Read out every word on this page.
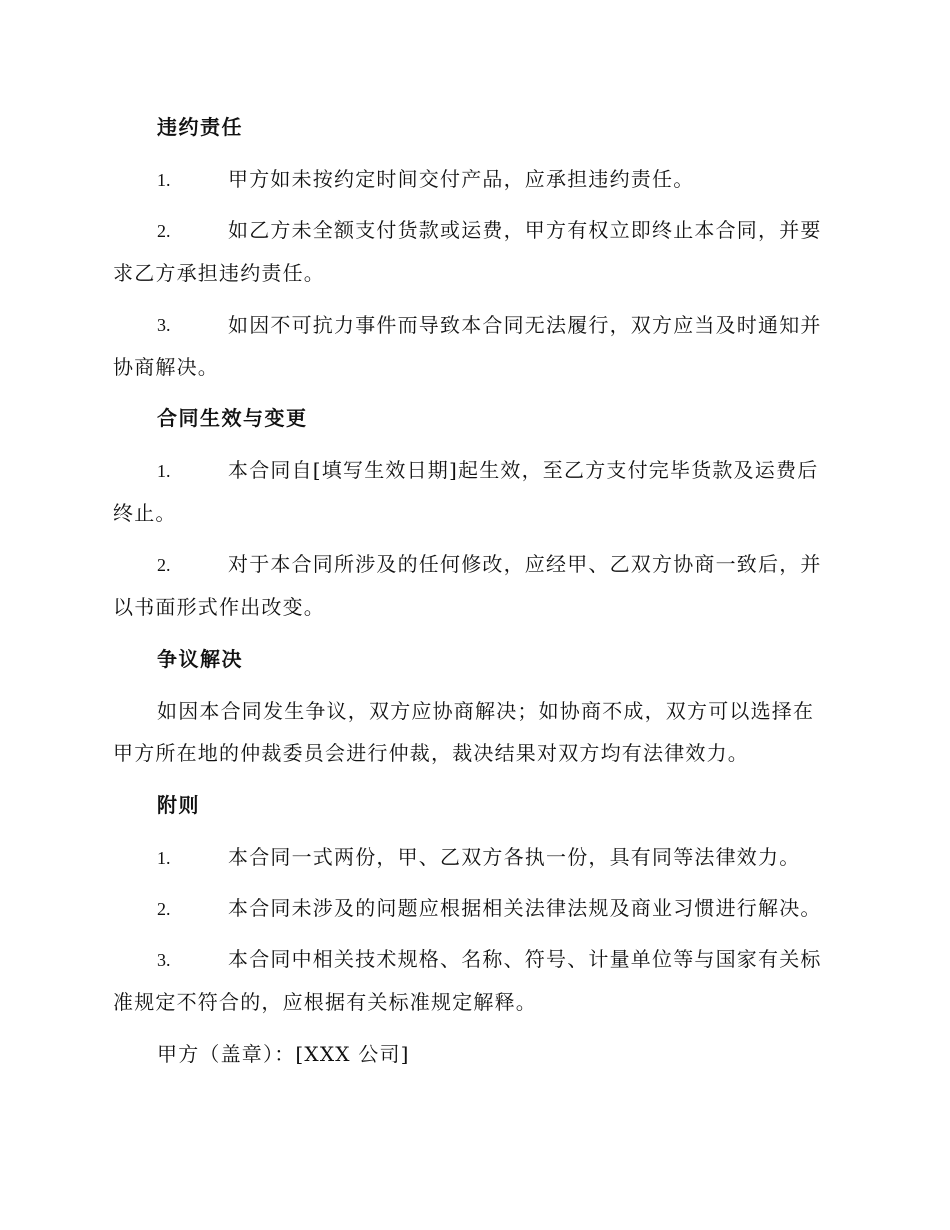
违约责任
1.	甲方如未按约定时间交付产品，应承担违约责任。
2.	如乙方未全额支付货款或运费，甲方有权立即终止本合同，并要
求乙方承担违约责任。
3.	如因不可抗力事件而导致本合同无法履行，双方应当及时通知并
协商解决。
合同生效与变更
1.	本合同自[填写生效日期]起生效，至乙方支付完毕货款及运费后
终止。
2.	对于本合同所涉及的任何修改，应经甲、乙双方协商一致后，并
以书面形式作出改变。
争议解决
如因本合同发生争议，双方应协商解决；如协商不成，双方可以选择在
甲方所在地的仲裁委员会进行仲裁，裁决结果对双方均有法律效力。
附则
1.	本合同一式两份，甲、乙双方各执一份，具有同等法律效力。
2.	本合同未涉及的问题应根据相关法律法规及商业习惯进行解决。
3.	本合同中相关技术规格、名称、符号、计量单位等与国家有关标
准规定不符合的，应根据有关标准规定解释。
甲方（盖章）：[XXX 公司]
